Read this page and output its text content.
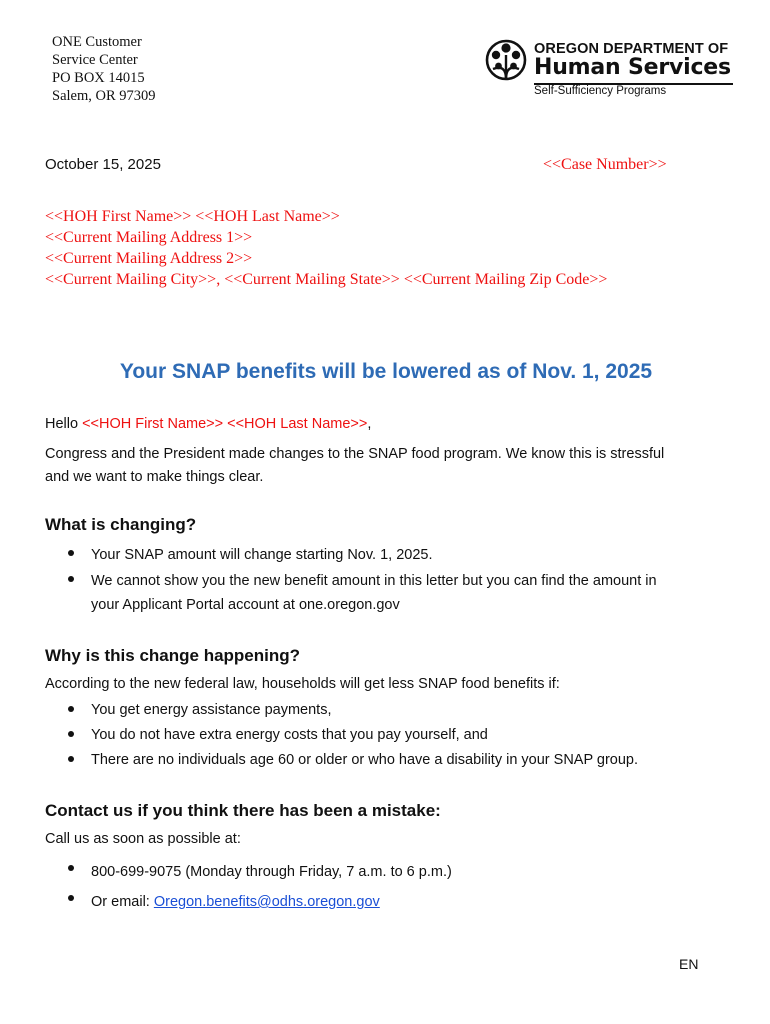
ONE Customer
Service Center
PO BOX 14015
Salem, OR 97309
OREGON DEPARTMENT OF
Human Services
Self-Sufficiency Programs
October 15, 2025	<<Case Number>>
<<HOH First Name>> <<HOH Last Name>>
<<Current Mailing Address 1>>
<<Current Mailing Address 2>>
<<Current Mailing City>>, <<Current Mailing State>> <<Current Mailing Zip Code>>
Your SNAP benefits will be lowered as of Nov. 1, 2025
Hello <<HOH First Name>> <<HOH Last Name>>,
Congress and the President made changes to the SNAP food program. We know this is stressful
and we want to make things clear.
What is changing?
Your SNAP amount will change starting Nov. 1, 2025.
We cannot show you the new benefit amount in this letter but you can find the amount in
your Applicant Portal account at one.oregon.gov
Why is this change happening?
According to the new federal law, households will get less SNAP food benefits if:
You get energy assistance payments,
You do not have extra energy costs that you pay yourself, and
There are no individuals age 60 or older or who have a disability in your SNAP group.
Contact us if you think there has been a mistake:
Call us as soon as possible at:
800-699-9075 (Monday through Friday, 7 a.m. to 6 p.m.)
Or email: Oregon.benefits@odhs.oregon.gov
EN
